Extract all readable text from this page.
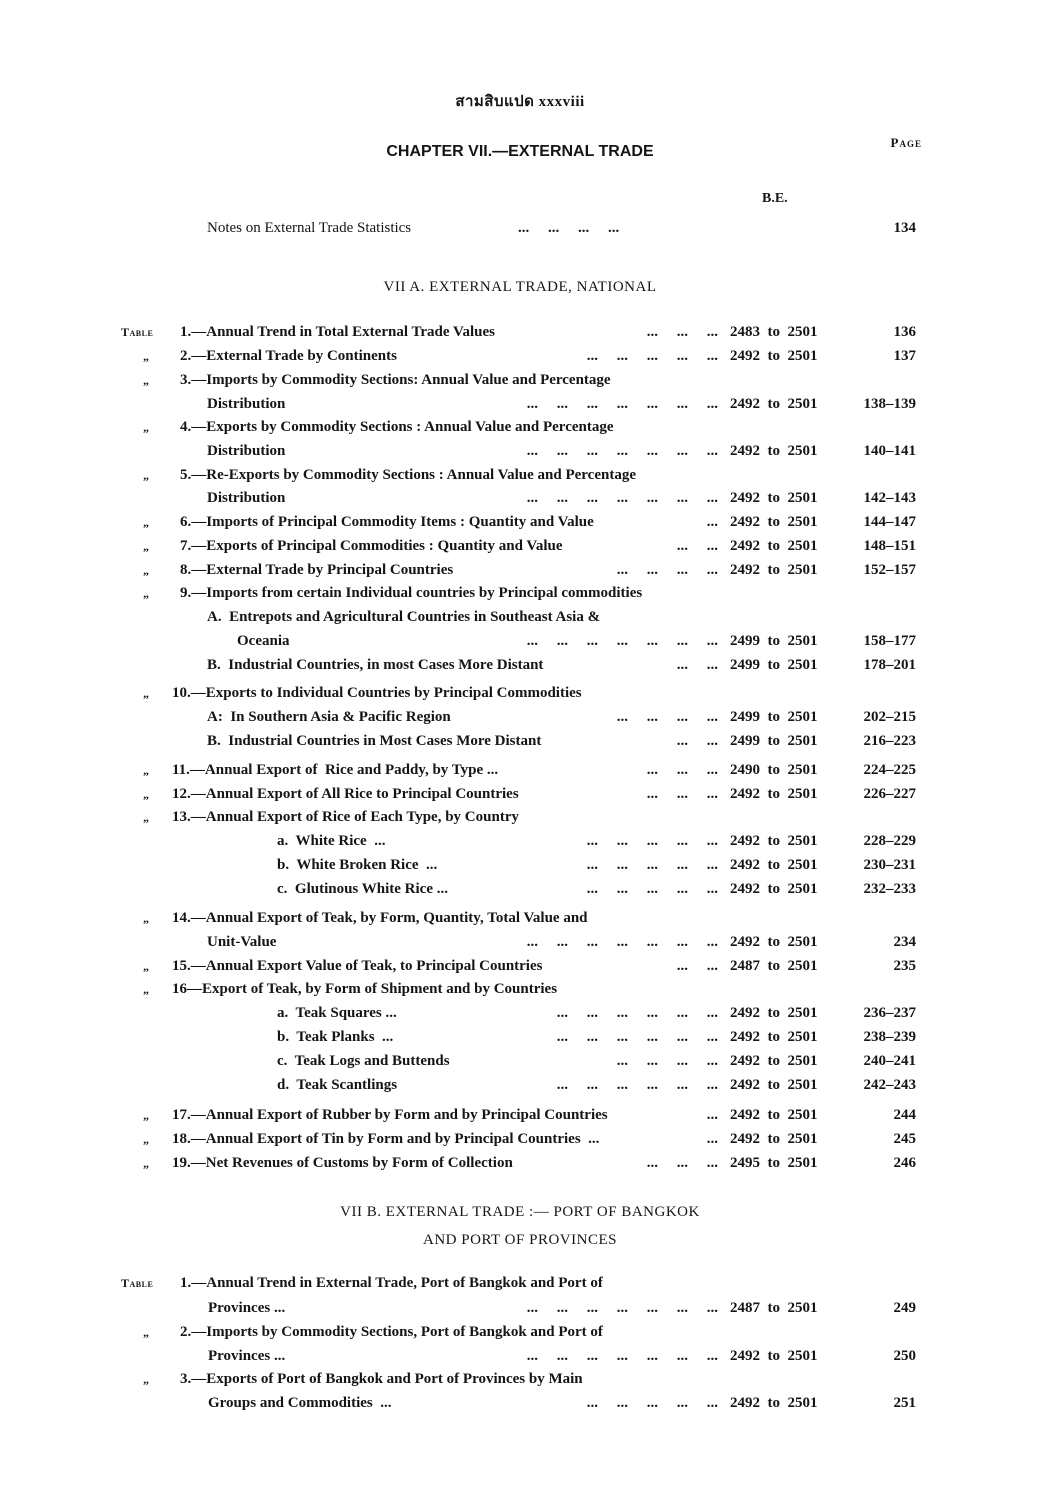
สามสิบแปด xxxviii
CHAPTER VII.—EXTERNAL TRADE
Page
B.E.
Notes on External Trade Statistics	...     ...     ...     ...	134
VII A. EXTERNAL TRADE, NATIONAL
Table 1.—Annual Trend in Total External Trade Values	...     ...     ... 2483  to  2501	136
„ 2.—External Trade by Continents	...     ...     ...     ...     ... 2492  to  2501	137
„ 3.—Imports by Commodity Sections: Annual Value and Percentage
Distribution	...     ...     ...     ...     ...     ...     ... 2492  to  2501	138–139
„ 4.—Exports by Commodity Sections : Annual Value and Percentage
Distribution	...     ...     ...     ...     ...     ...     ... 2492  to  2501	140–141
„ 5.—Re-Exports by Commodity Sections : Annual Value and Percentage
Distribution	...     ...     ...     ...     ...     ...     ... 2492  to  2501	142–143
„ 6.—Imports of Principal Commodity Items : Quantity and Value	... 2492  to  2501	144–147
„ 7.—Exports of Principal Commodities : Quantity and Value	...     ... 2492  to  2501	148–151
„ 8.—External Trade by Principal Countries	...     ...     ...     ... 2492  to  2501	152–157
„ 9.—Imports from certain Individual countries by Principal commodities
A.  Entrepots and Agricultural Countries in Southeast Asia &
Oceania	...     ...     ...     ...     ...     ...     ... 2499  to  2501	158–177
B.  Industrial Countries, in most Cases More Distant	...     ... 2499  to  2501	178–201
„ 10.—Exports to Individual Countries by Principal Commodities
A:  In Southern Asia & Pacific Region	...     ...     ...     ... 2499  to  2501	202–215
B.  Industrial Countries in Most Cases More Distant	...     ... 2499  to  2501	216–223
„ 11.—Annual Export of  Rice and Paddy, by Type ...	...     ...     ... 2490  to  2501	224–225
„ 12.—Annual Export of All Rice to Principal Countries	...     ...     ... 2492  to  2501	226–227
„ 13.—Annual Export of Rice of Each Type, by Country
a.  White Rice  ...	...     ...     ...     ...     ... 2492  to  2501	228–229
b.  White Broken Rice  ...	...     ...     ...     ...     ... 2492  to  2501	230–231
c.  Glutinous White Rice ...	...     ...     ...     ...     ... 2492  to  2501	232–233
„ 14.—Annual Export of Teak, by Form, Quantity, Total Value and
Unit-Value	...     ...     ...     ...     ...     ...     ... 2492  to  2501	234
„ 15.—Annual Export Value of Teak, to Principal Countries	...     ... 2487  to  2501	235
„ 16—Export of Teak, by Form of Shipment and by Countries
a.  Teak Squares ...	...     ...     ...     ...     ...     ... 2492  to  2501	236–237
b.  Teak Planks  ...	...     ...     ...     ...     ...     ... 2492  to  2501	238–239
c.  Teak Logs and Buttends	...     ...     ...     ... 2492  to  2501	240–241
d.  Teak Scantlings	...     ...     ...     ...     ...     ... 2492  to  2501	242–243
„ 17.—Annual Export of Rubber by Form and by Principal Countries	... 2492  to  2501	244
„ 18.—Annual Export of Tin by Form and by Principal Countries  ...	... 2492  to  2501	245
„ 19.—Net Revenues of Customs by Form of Collection	...     ...     ... 2495  to  2501	246
VII B. EXTERNAL TRADE :— PORT OF BANGKOK
AND PORT OF PROVINCES
Table 1.—Annual Trend in External Trade, Port of Bangkok and Port of
Provinces ...	...     ...     ...     ...     ...     ...     ... 2487  to  2501	249
„ 2.—Imports by Commodity Sections, Port of Bangkok and Port of
Provinces ...	...     ...     ...     ...     ...     ...     ... 2492  to  2501	250
„ 3.—Exports of Port of Bangkok and Port of Provinces by Main
Groups and Commodities  ...	...     ...     ...     ...     ... 2492  to  2501	251
